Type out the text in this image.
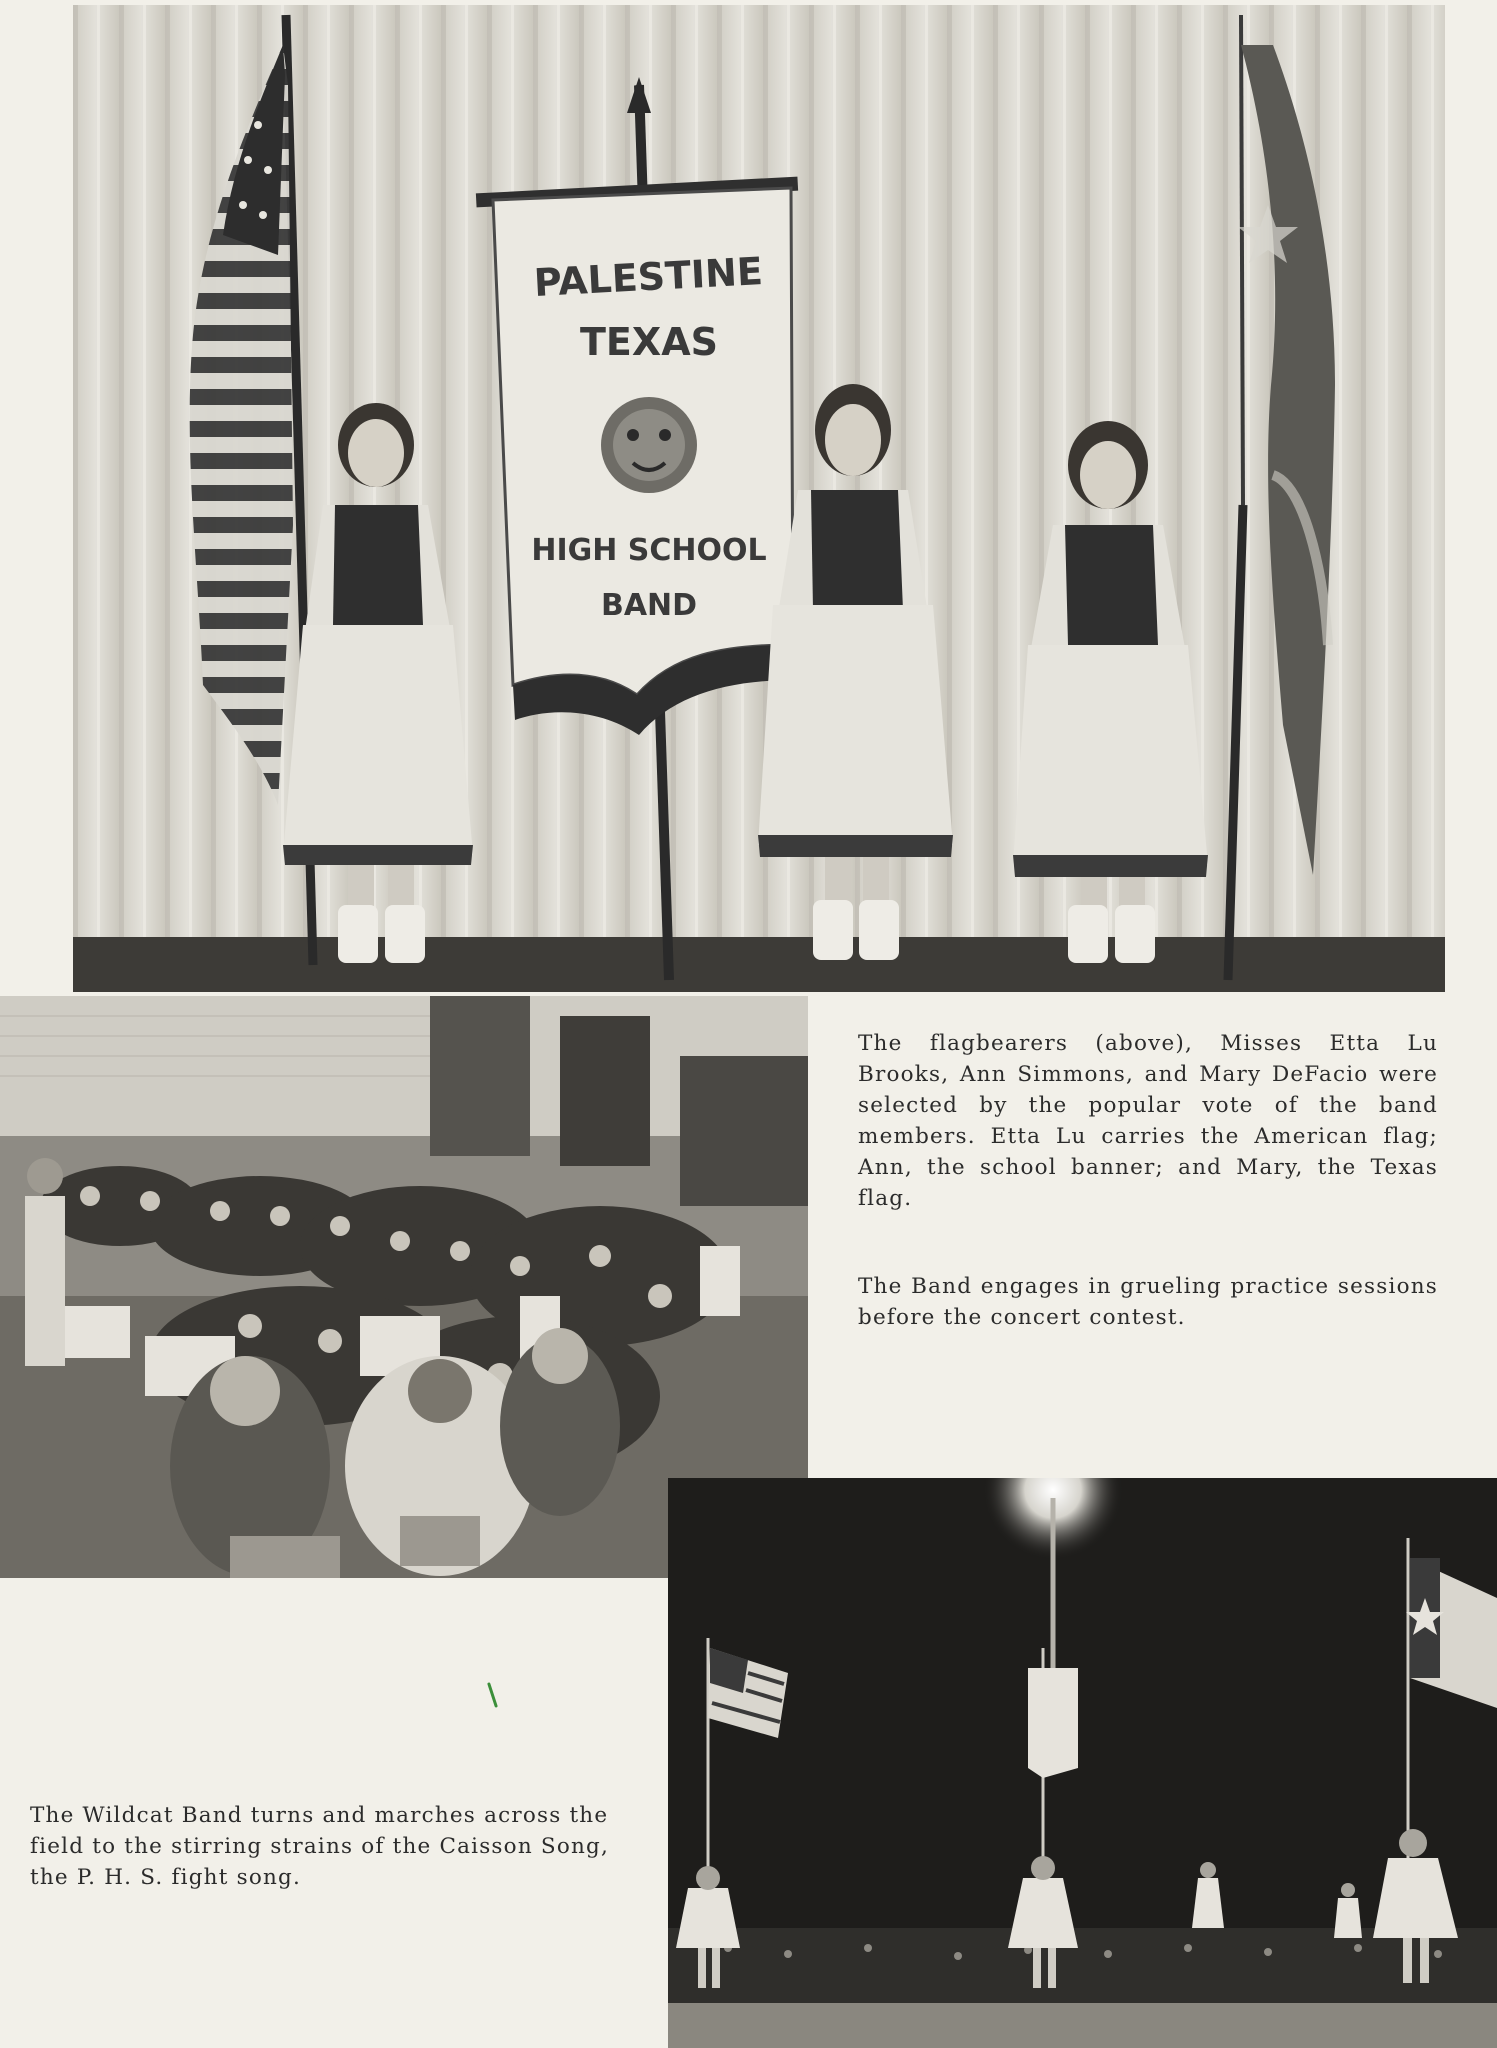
PALESTINE
TEXAS
HIGH SCHOOL
BAND
The flagbearers (above), Misses Etta Lu Brooks, Ann Simmons, and Mary DeFacio were selected by the popular vote of the band members. Etta Lu carries the American flag; Ann, the school banner; and Mary, the Texas flag.
The Band engages in grueling practice sessions before the concert contest.
The Wildcat Band turns and marches across the field to the stirring strains of the Caisson Song, the P. H. S. fight song.
